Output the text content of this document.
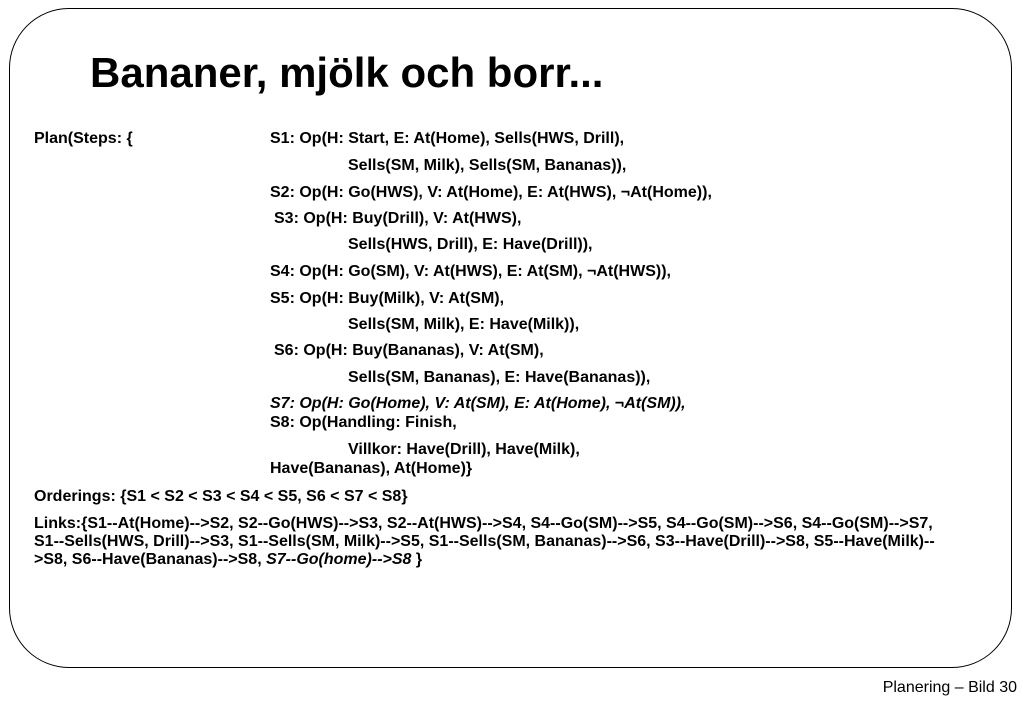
Bananer, mjölk och borr...
Plan(Steps: {	S1: Op(H: Start, E: At(Home), Sells(HWS, Drill),
Sells(SM, Milk), Sells(SM, Bananas)),
S2: Op(H: Go(HWS), V: At(Home), E: At(HWS), ¬At(Home)),
S3: Op(H: Buy(Drill), V: At(HWS),
Sells(HWS, Drill), E: Have(Drill)),
S4: Op(H: Go(SM), V: At(HWS), E: At(SM), ¬At(HWS)),
S5: Op(H: Buy(Milk), V: At(SM),
Sells(SM, Milk), E: Have(Milk)),
S6: Op(H: Buy(Bananas), V: At(SM),
Sells(SM, Bananas), E: Have(Bananas)),
S7: Op(H: Go(Home), V: At(SM), E: At(Home), ¬At(SM)),
S8: Op(Handling: Finish,
Villkor: Have(Drill), Have(Milk),
Have(Bananas), At(Home)}
Orderings: {S1 < S2 < S3 < S4 < S5, S6 < S7 < S8}
Links:{S1--At(Home)-->S2, S2--Go(HWS)-->S3, S2--At(HWS)-->S4, S4--Go(SM)-->S5, S4--Go(SM)-->S6, S4--Go(SM)-->S7, S1--Sells(HWS, Drill)-->S3, S1--Sells(SM, Milk)-->S5, S1--Sells(SM, Bananas)-->S6, S3--Have(Drill)-->S8, S5--Have(Milk)-->S8, S6--Have(Bananas)-->S8, S7--Go(home)-->S8 }
Planering – Bild 30
